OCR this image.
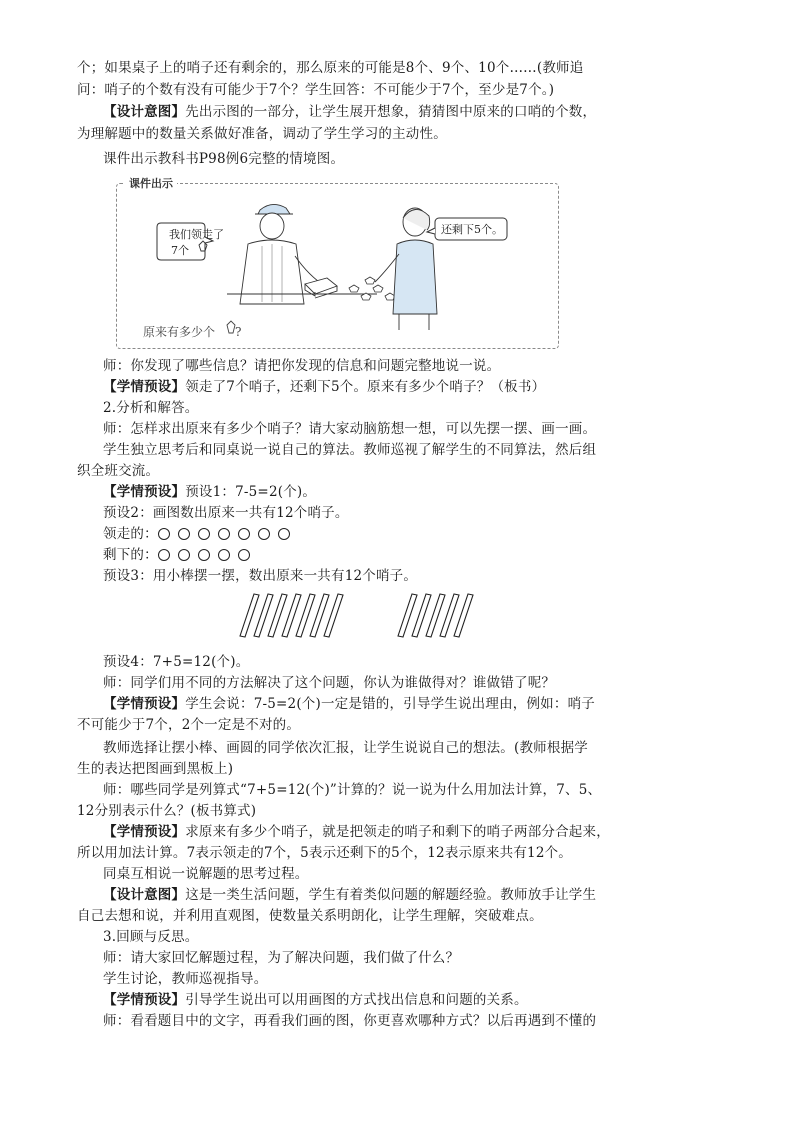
个；如果桌子上的哨子还有剩余的，那么原来的可能是8个、9个、10个……(教师追
问：哨子的个数有没有可能少于7个？学生回答：不可能少于7个，至少是7个。)
【设计意图】先出示图的一部分，让学生展开想象，猜猜图中原来的口哨的个数，
为理解题中的数量关系做好准备，调动了学生学习的主动性。
课件出示教科书P98例6完整的情境图。
课件出示
我们领走了
7个
还剩下5个。
原来有多少个 ?
师：你发现了哪些信息？请把你发现的信息和问题完整地说一说。
【学情预设】领走了7个哨子，还剩下5个。原来有多少个哨子？（板书）
2.分析和解答。
师：怎样求出原来有多少个哨子？请大家动脑筋想一想，可以先摆一摆、画一画。
学生独立思考后和同桌说一说自己的算法。教师巡视了解学生的不同算法，然后组
织全班交流。
【学情预设】预设1：7-5=2(个)。
预设2：画图数出原来一共有12个哨子。
领走的：
剩下的：
预设3：用小棒摆一摆，数出原来一共有12个哨子。
预设4：7+5=12(个)。
师：同学们用不同的方法解决了这个问题，你认为谁做得对？谁做错了呢？
【学情预设】学生会说：7-5=2(个)一定是错的，引导学生说出理由，例如：哨子
不可能少于7个，2个一定是不对的。
教师选择让摆小棒、画圆的同学依次汇报，让学生说说自己的想法。(教师根据学
生的表达把图画到黑板上)
师：哪些同学是列算式“7+5=12(个)”计算的？说一说为什么用加法计算，7、5、
12分别表示什么？(板书算式)
【学情预设】求原来有多少个哨子，就是把领走的哨子和剩下的哨子两部分合起来，
所以用加法计算。7表示领走的7个，5表示还剩下的5个，12表示原来共有12个。
同桌互相说一说解题的思考过程。
【设计意图】这是一类生活问题，学生有着类似问题的解题经验。教师放手让学生
自己去想和说，并利用直观图，使数量关系明朗化，让学生理解，突破难点。
3.回顾与反思。
师：请大家回忆解题过程，为了解决问题，我们做了什么？
学生讨论，教师巡视指导。
【学情预设】引导学生说出可以用画图的方式找出信息和问题的关系。
师：看看题目中的文字，再看我们画的图，你更喜欢哪种方式？以后再遇到不懂的
